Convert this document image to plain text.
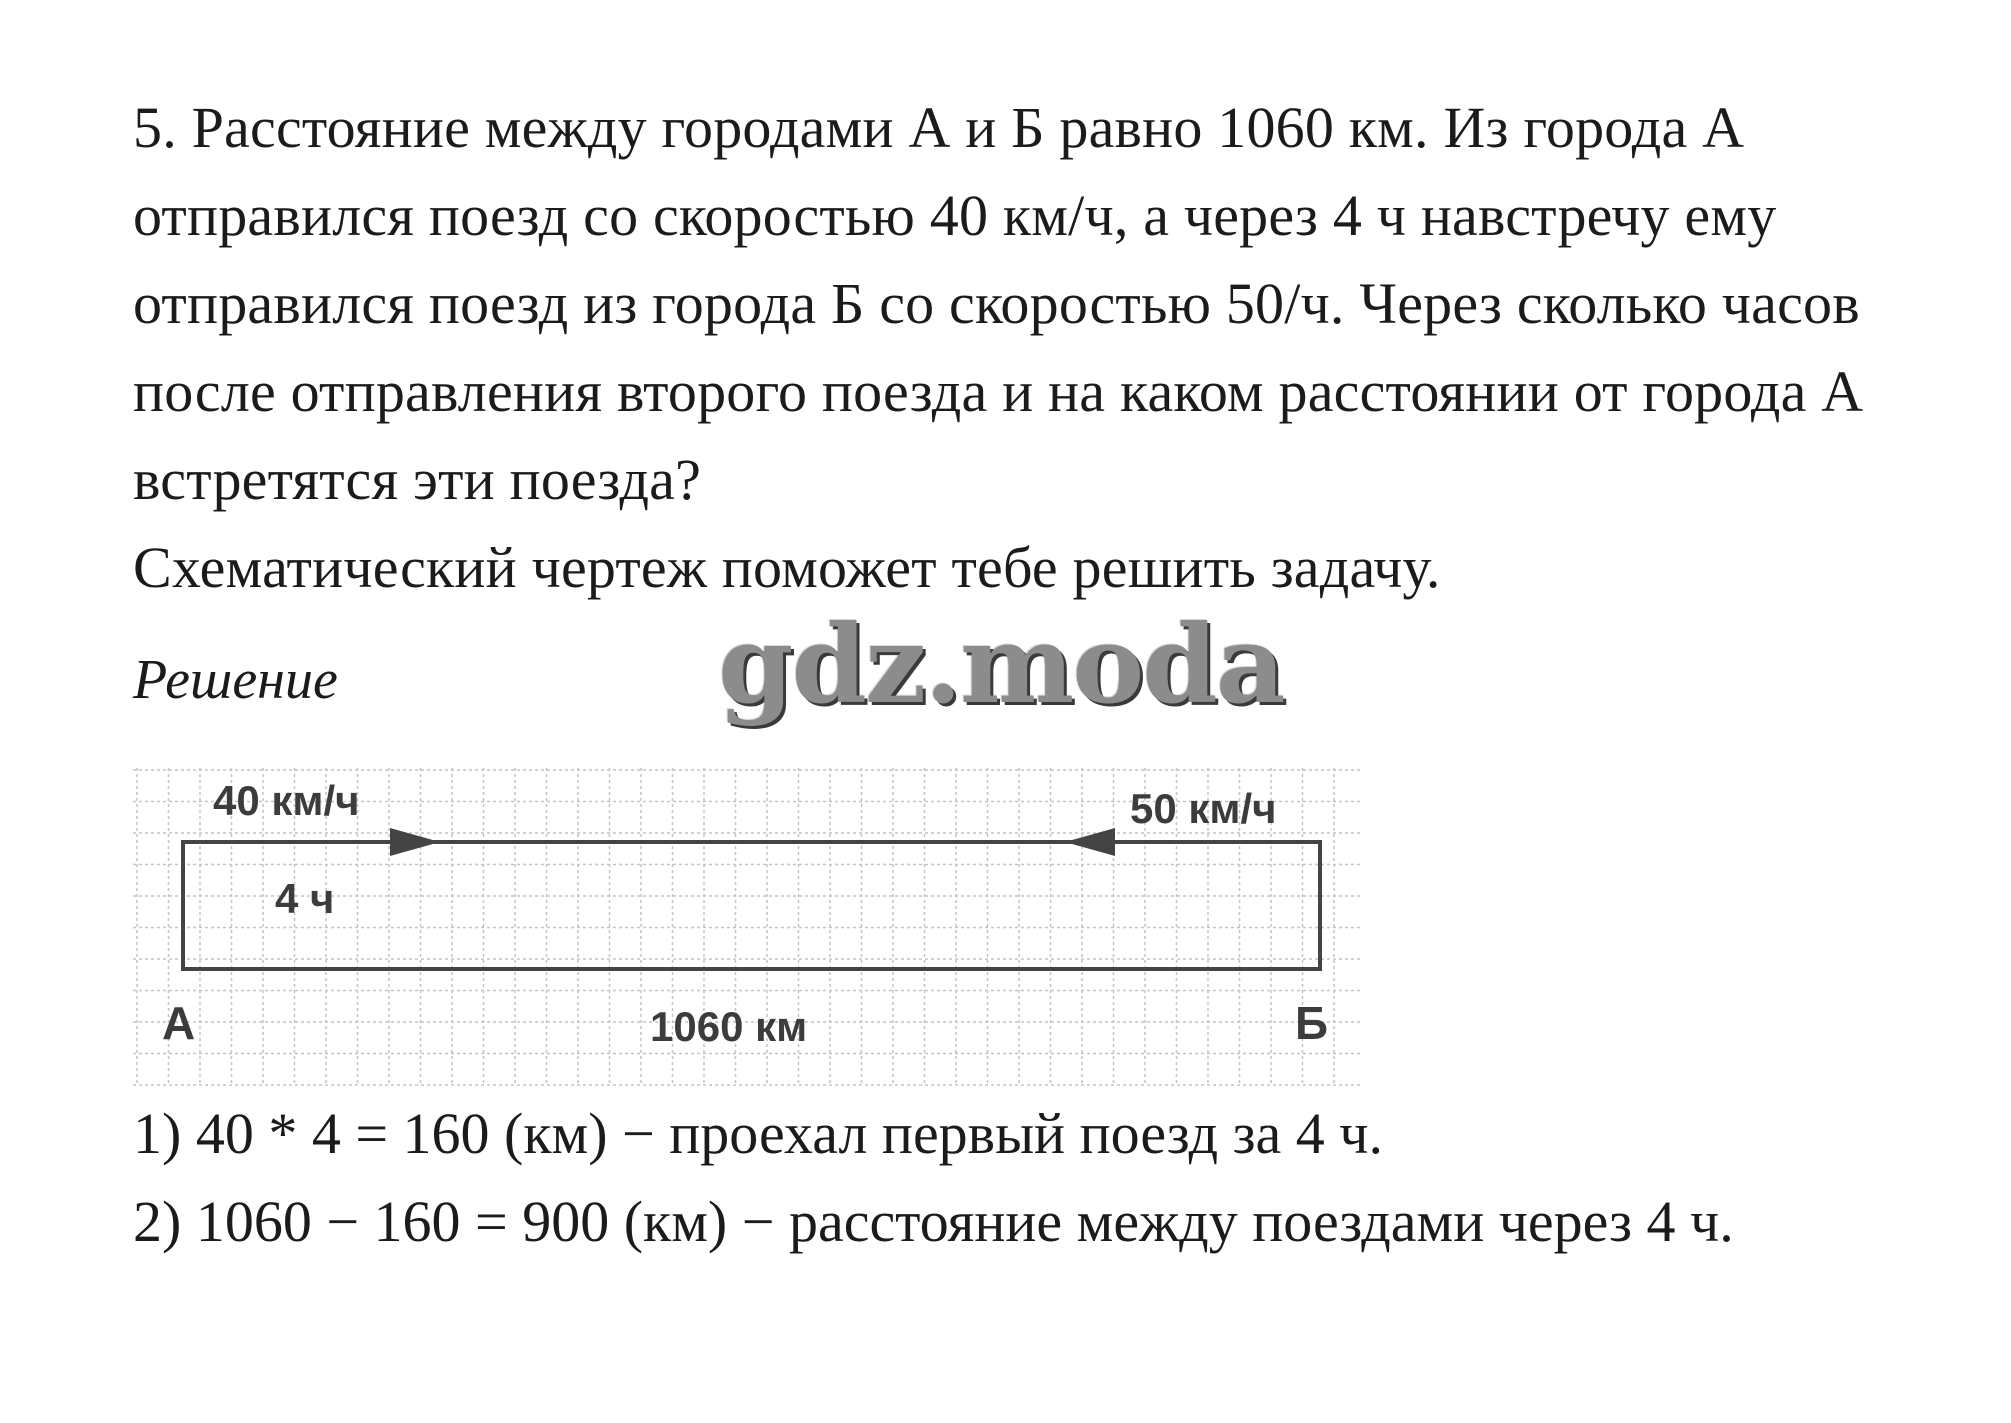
5. Расстояние между городами А и Б равно 1060 км. Из города А
отправился поезд со скоростью 40 км/ч, а через 4 ч навстречу ему
отправился поезд из города Б со скоростью 50/ч. Через сколько часов
после отправления второго поезда и на каком расстоянии от города А
встретятся эти поезда?
Схематический чертеж поможет тебе решить задачу.
Решение	gdz.moda
40 км/ч	50 км/ч
4 ч
А	Б
1060 км
1) 40 * 4 = 160 (км) − проехал первый поезд за 4 ч.
2) 1060 − 160 = 900 (км) − расстояние между поездами через 4 ч.
